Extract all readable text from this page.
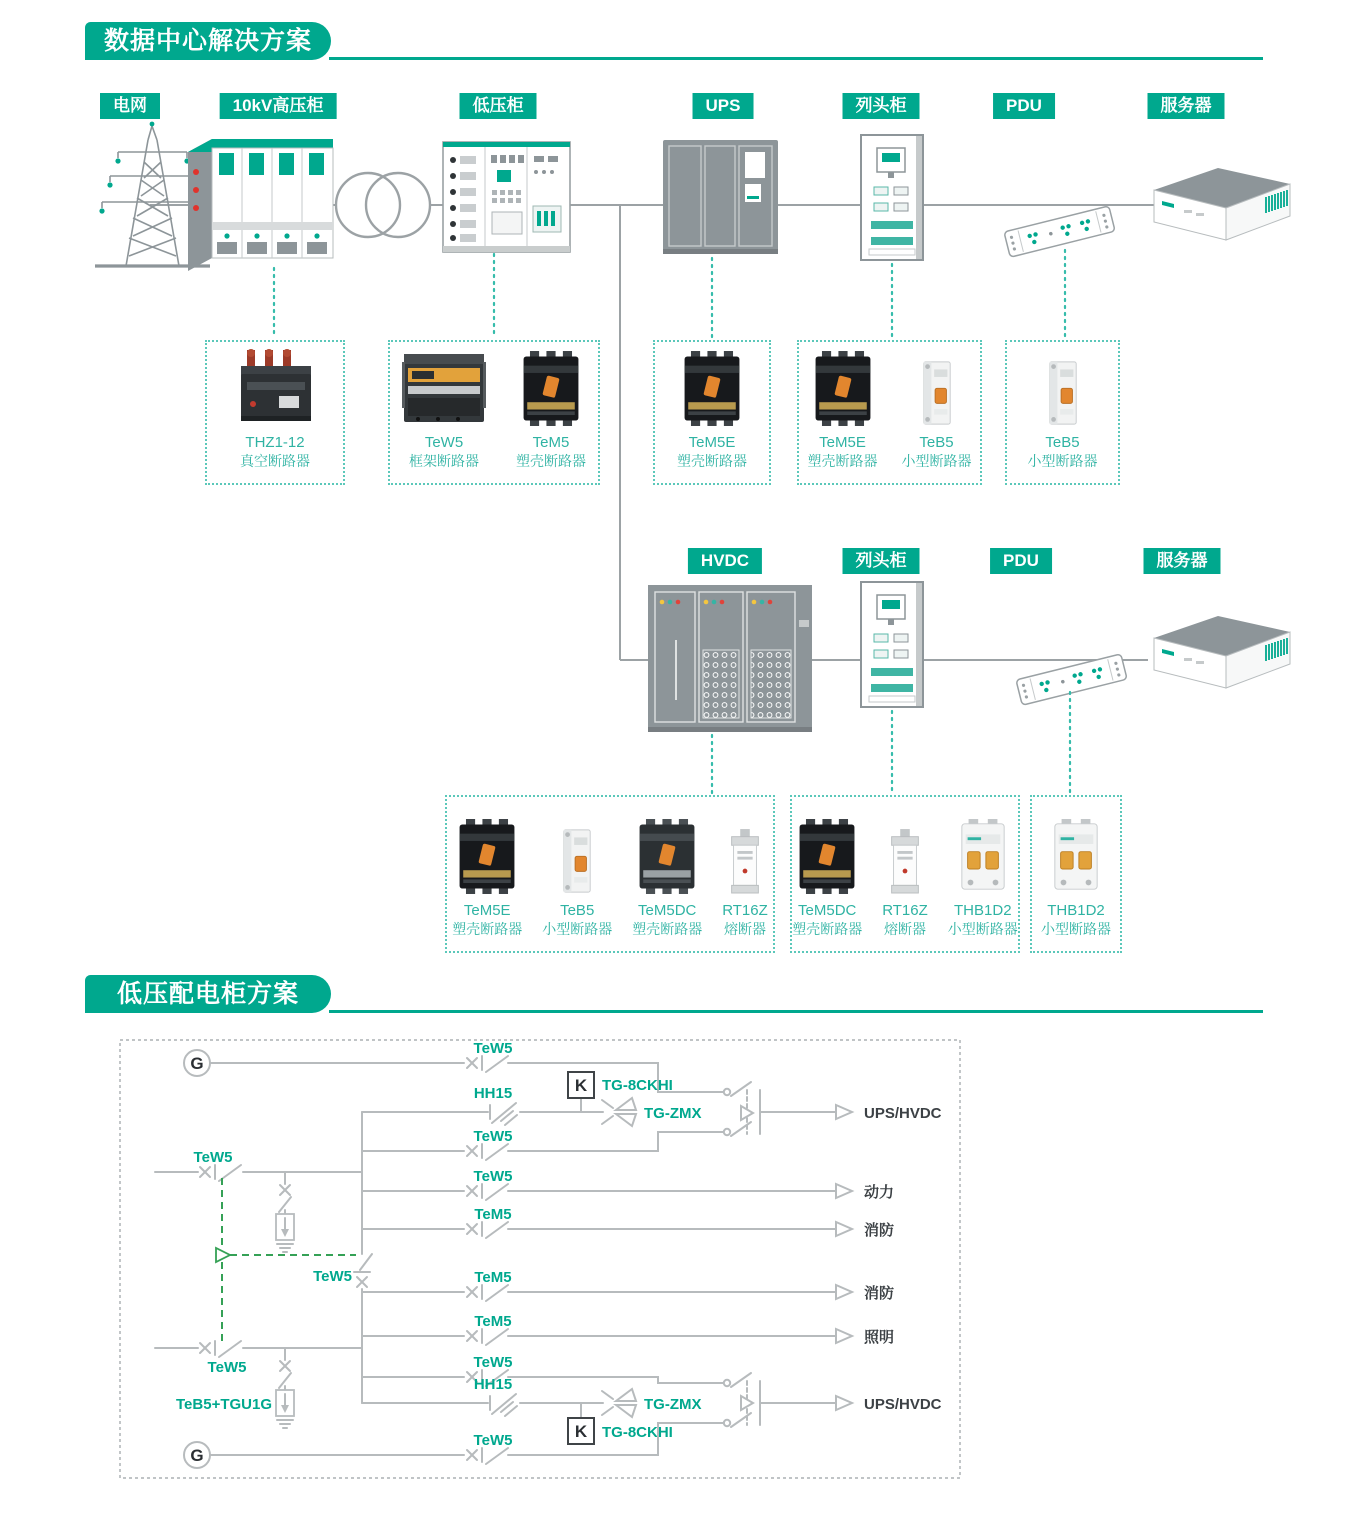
G
TeW5
HH15	K TG-8CKHI
TG-ZMX
TeW5
UPS/HVDC
TeW5
动力
TeM5
消防
TeW5	TeM5
消防
TeM5
照明
TeW5
HH15
K TG-8CKHI
TG-ZMX	UPS/HVDC
G
TeW5
TeW5
TeW5
TeB5+TGU1G
数据中心解决方案
低压配电柜方案
电网	10kV高压柜	低压柜	UPS	列头柜	PDU	服务器
HVDC	列头柜	PDU	服务器
THZ1-12
真空断路器
TeW5
框架断路器
TeM5
塑壳断路器
TeM5E
塑壳断路器
TeM5E
塑壳断路器
TeB5
小型断路器
TeB5
小型断路器
TeM5E
塑壳断路器
TeB5
小型断路器
TeM5DC
塑壳断路器
RT16Z
熔断器
TeM5DC
塑壳断路器
RT16Z
熔断器
THB1D2
小型断路器
THB1D2
小型断路器
